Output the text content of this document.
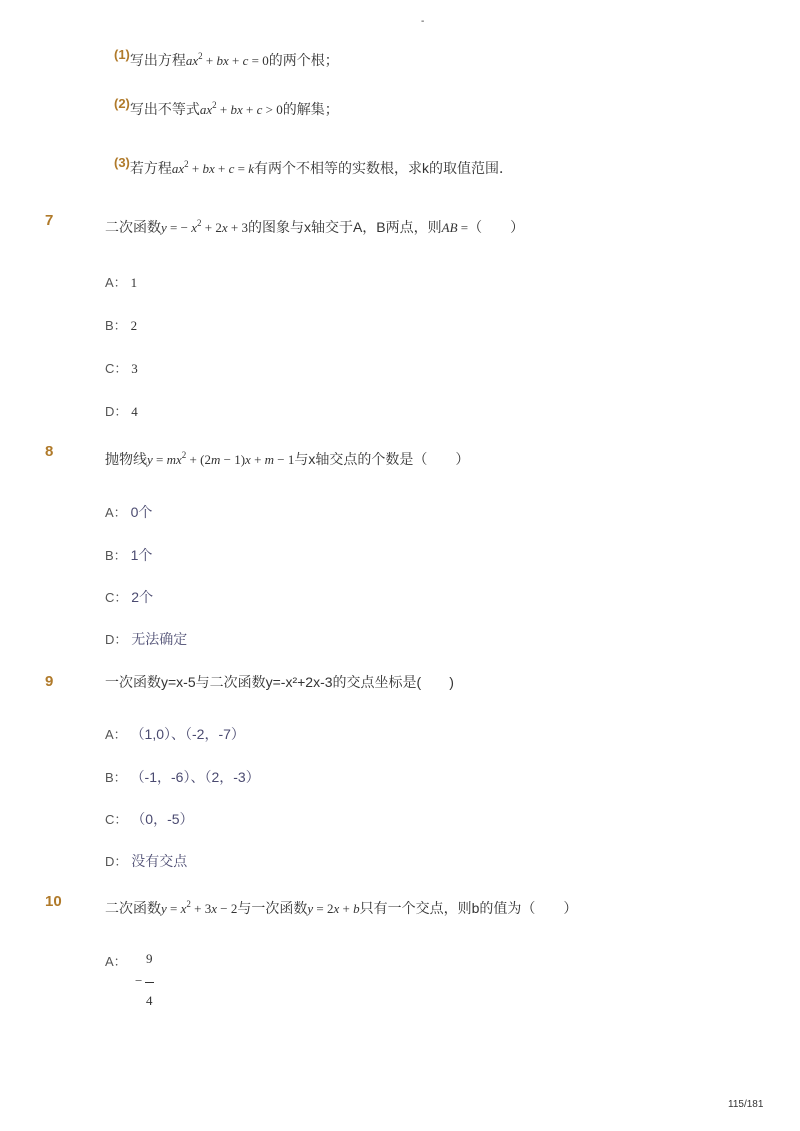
-
(1)写出方程$ax^2$ + bx + c = 0的两个根；
(2)写出不等式$ax^2$ + bx + c > 0的解集；
(3)若方程$ax^2$ + bx + c = k有两个不相等的实数根，求k的取值范围．
7	二次函数y = − $x^2 + 2x + 3$的图象与x轴交于A，B两点，则AB =（　　）
A： 1
B： 2
C： 3
D： 4
8	抛物线$y = mx^2 + (2m - 1)x + m - 1$与x轴交点的个数是（　　）
A： 0个
B： 1个
C： 2个
D： 无法确定
9	一次函数y=x-5与二次函数y=-x²+2x-3的交点坐标是(　　)
A： （1,0）、（-2，-7）
B： （-1，-6）、（2，-3）
C： （0，-5）
D： 没有交点
10	二次函数$y = x^2 + 3x - 2$与一次函数y = 2x + b只有一个交点，则b的值为（　　）
A： 9
−
4
115/181
